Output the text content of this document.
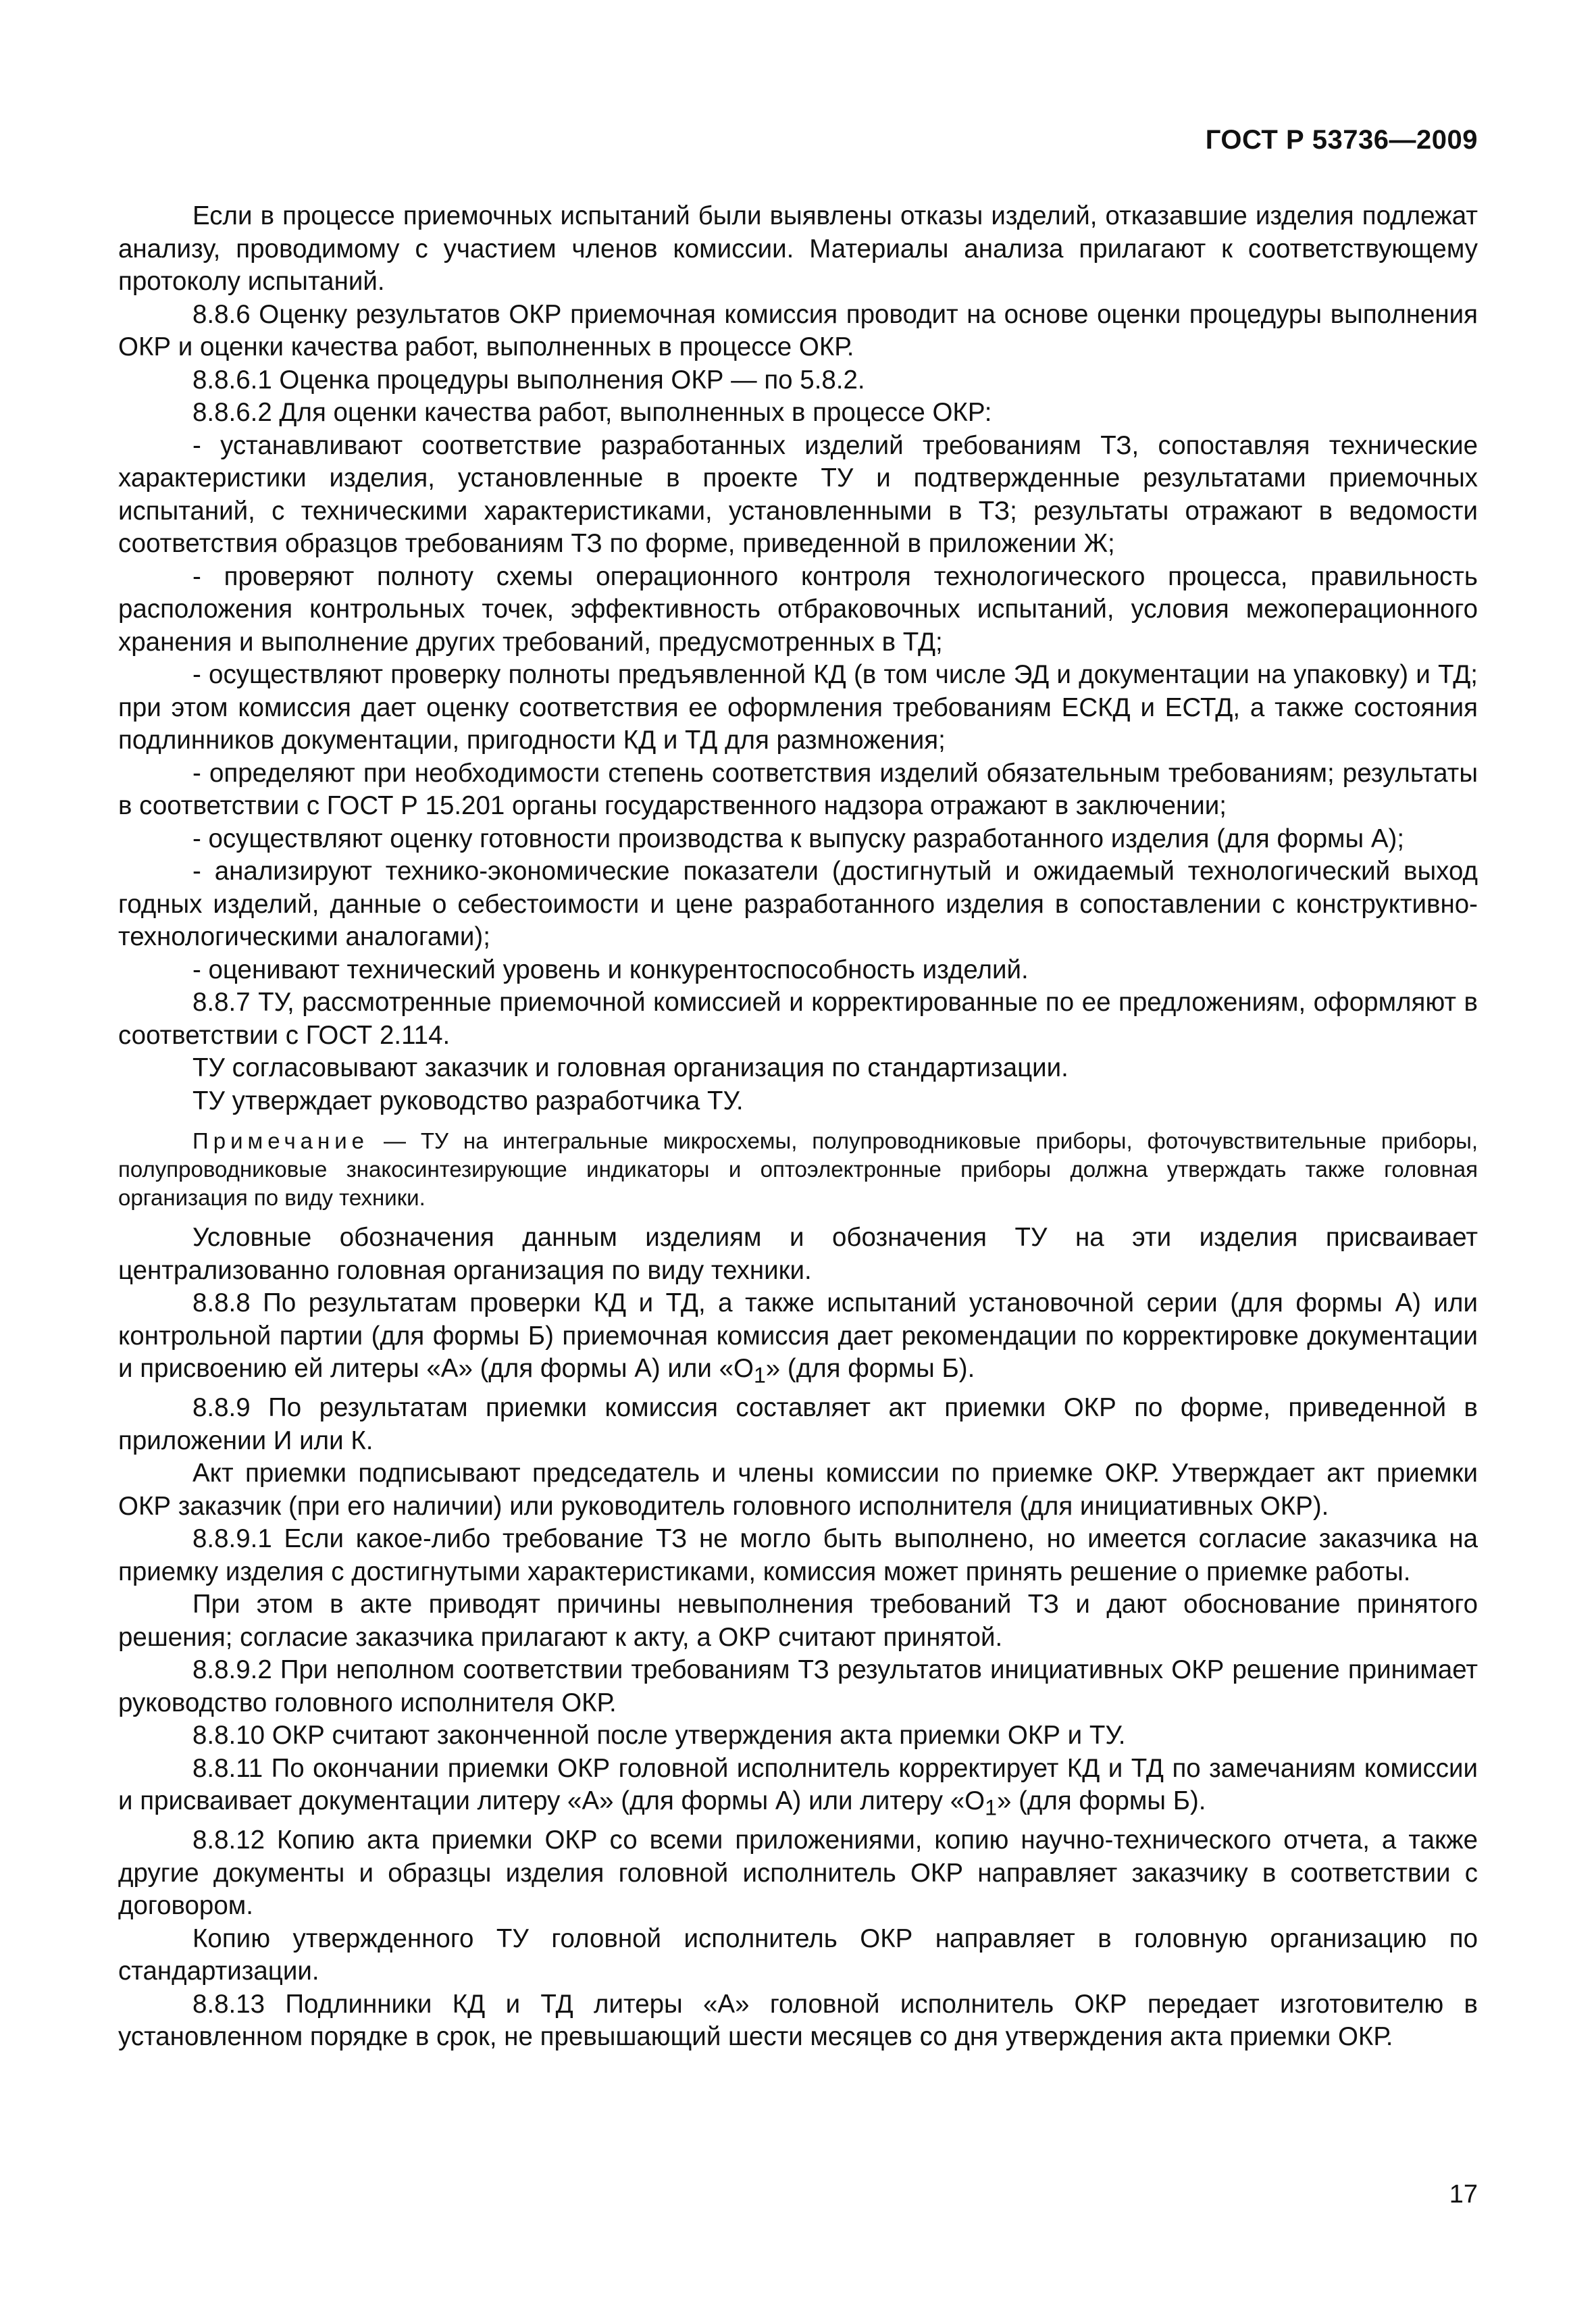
ГОСТ Р 53736—2009

Если в процессе приемочных испытаний были выявлены отказы изделий, отказавшие изделия подлежат анализу, проводимому с участием членов комиссии. Материалы анализа прилагают к соответствующему протоколу испытаний.

8.8.6 Оценку результатов ОКР приемочная комиссия проводит на основе оценки процедуры выполнения ОКР и оценки качества работ, выполненных в процессе ОКР.

8.8.6.1 Оценка процедуры выполнения ОКР — по 5.8.2.

8.8.6.2 Для оценки качества работ, выполненных в процессе ОКР:

- устанавливают соответствие разработанных изделий требованиям ТЗ, сопоставляя технические характеристики изделия, установленные в проекте ТУ и подтвержденные результатами приемочных испытаний, с техническими характеристиками, установленными в ТЗ; результаты отражают в ведомости соответствия образцов требованиям ТЗ по форме, приведенной в приложении Ж;

- проверяют полноту схемы операционного контроля технологического процесса, правильность расположения контрольных точек, эффективность отбраковочных испытаний, условия межоперационного хранения и выполнение других требований, предусмотренных в ТД;

- осуществляют проверку полноты предъявленной КД (в том числе ЭД и документации на упаковку) и ТД; при этом комиссия дает оценку соответствия ее оформления требованиям ЕСКД и ЕСТД, а также состояния подлинников документации, пригодности КД и ТД для размножения;

- определяют при необходимости степень соответствия изделий обязательным требованиям; результаты в соответствии с ГОСТ Р 15.201 органы государственного надзора отражают в заключении;

- осуществляют оценку готовности производства к выпуску разработанного изделия (для формы А);

- анализируют технико-экономические показатели (достигнутый и ожидаемый технологический выход годных изделий, данные о себестоимости и цене разработанного изделия в сопоставлении с конструктивно-технологическими аналогами);

- оценивают технический уровень и конкурентоспособность изделий.

8.8.7 ТУ, рассмотренные приемочной комиссией и корректированные по ее предложениям, оформляют в соответствии с ГОСТ 2.114.

ТУ согласовывают заказчик и головная организация по стандартизации.

ТУ утверждает руководство разработчика ТУ.

Примечание — ТУ на интегральные микросхемы, полупроводниковые приборы, фоточувствительные приборы, полупроводниковые знакосинтезирующие индикаторы и оптоэлектронные приборы должна утверждать также головная организация по виду техники.

Условные обозначения данным изделиям и обозначения ТУ на эти изделия присваивает централизованно головная организация по виду техники.

8.8.8 По результатам проверки КД и ТД, а также испытаний установочной серии (для формы А) или контрольной партии (для формы Б) приемочная комиссия дает рекомендации по корректировке документации и присвоению ей литеры «А» (для формы А) или «$О_1$» (для формы Б).

8.8.9 По результатам приемки комиссия составляет акт приемки ОКР по форме, приведенной в приложении И или К.

Акт приемки подписывают председатель и члены комиссии по приемке ОКР. Утверждает акт приемки ОКР заказчик (при его наличии) или руководитель головного исполнителя (для инициативных ОКР).

8.8.9.1 Если какое-либо требование ТЗ не могло быть выполнено, но имеется согласие заказчика на приемку изделия с достигнутыми характеристиками, комиссия может принять решение о приемке работы.

При этом в акте приводят причины невыполнения требований ТЗ и дают обоснование принятого решения; согласие заказчика прилагают к акту, а ОКР считают принятой.

8.8.9.2 При неполном соответствии требованиям ТЗ результатов инициативных ОКР решение принимает руководство головного исполнителя ОКР.

8.8.10 ОКР считают законченной после утверждения акта приемки ОКР и ТУ.

8.8.11 По окончании приемки ОКР головной исполнитель корректирует КД и ТД по замечаниям комиссии и присваивает документации литеру «А» (для формы А) или литеру «$О_1$» (для формы Б).

8.8.12 Копию акта приемки ОКР со всеми приложениями, копию научно-технического отчета, а также другие документы и образцы изделия головной исполнитель ОКР направляет заказчику в соответствии с договором.

Копию утвержденного ТУ головной исполнитель ОКР направляет в головную организацию по стандартизации.

8.8.13 Подлинники КД и ТД литеры «А» головной исполнитель ОКР передает изготовителю в установленном порядке в срок, не превышающий шести месяцев со дня утверждения акта приемки ОКР.

17
